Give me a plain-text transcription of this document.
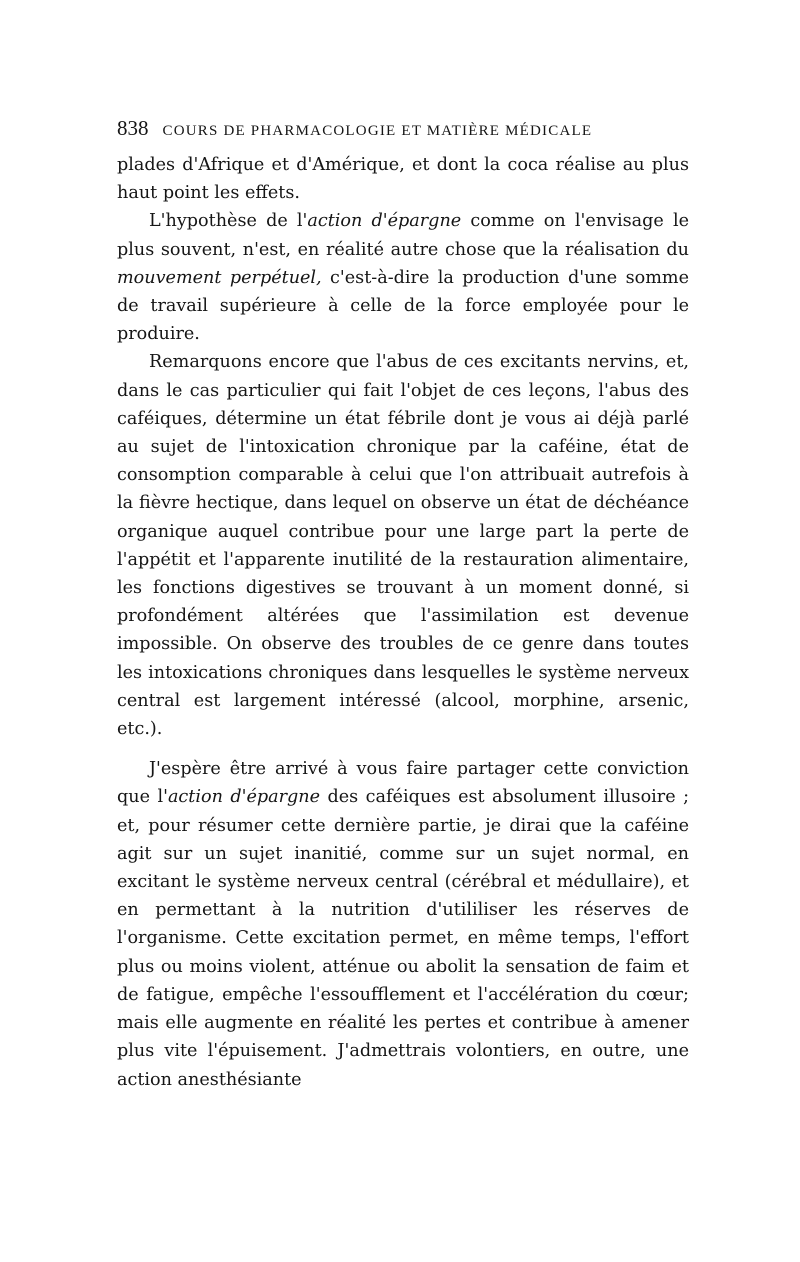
838 COURS DE PHARMACOLOGIE ET MATIÈRE MÉDICALE

plades d'Afrique et d'Amérique, et dont la coca réalise au plus haut point les effets.

L'hypothèse de l'action d'épargne comme on l'envisage le plus souvent, n'est, en réalité autre chose que la réalisation du mouvement perpétuel, c'est-à-dire la production d'une somme de travail supérieure à celle de la force employée pour le produire.

Remarquons encore que l'abus de ces excitants nervins, et, dans le cas particulier qui fait l'objet de ces leçons, l'abus des caféiques, détermine un état fébrile dont je vous ai déjà parlé au sujet de l'intoxication chronique par la caféine, état de consomption comparable à celui que l'on attribuait autrefois à la fièvre hectique, dans lequel on observe un état de déchéance organique auquel contribue pour une large part la perte de l'appétit et l'apparente inutilité de la restauration alimentaire, les fonctions digestives se trouvant à un moment donné, si profondément altérées que l'assimilation est devenue impossible. On observe des troubles de ce genre dans toutes les intoxications chroniques dans lesquelles le système nerveux central est largement intéressé (alcool, morphine, arsenic, etc.).

J'espère être arrivé à vous faire partager cette conviction que l'action d'épargne des caféiques est absolument illusoire ; et, pour résumer cette dernière partie, je dirai que la caféine agit sur un sujet inanitié, comme sur un sujet normal, en excitant le système nerveux central (cérébral et médullaire), et en permettant à la nutrition d'utililiser les réserves de l'organisme. Cette excitation permet, en même temps, l'effort plus ou moins violent, atténue ou abolit la sensation de faim et de fatigue, empêche l'essoufflement et l'accélération du cœur; mais elle augmente en réalité les pertes et contribue à amener plus vite l'épuisement. J'admettrais volontiers, en outre, une action anesthésiante
